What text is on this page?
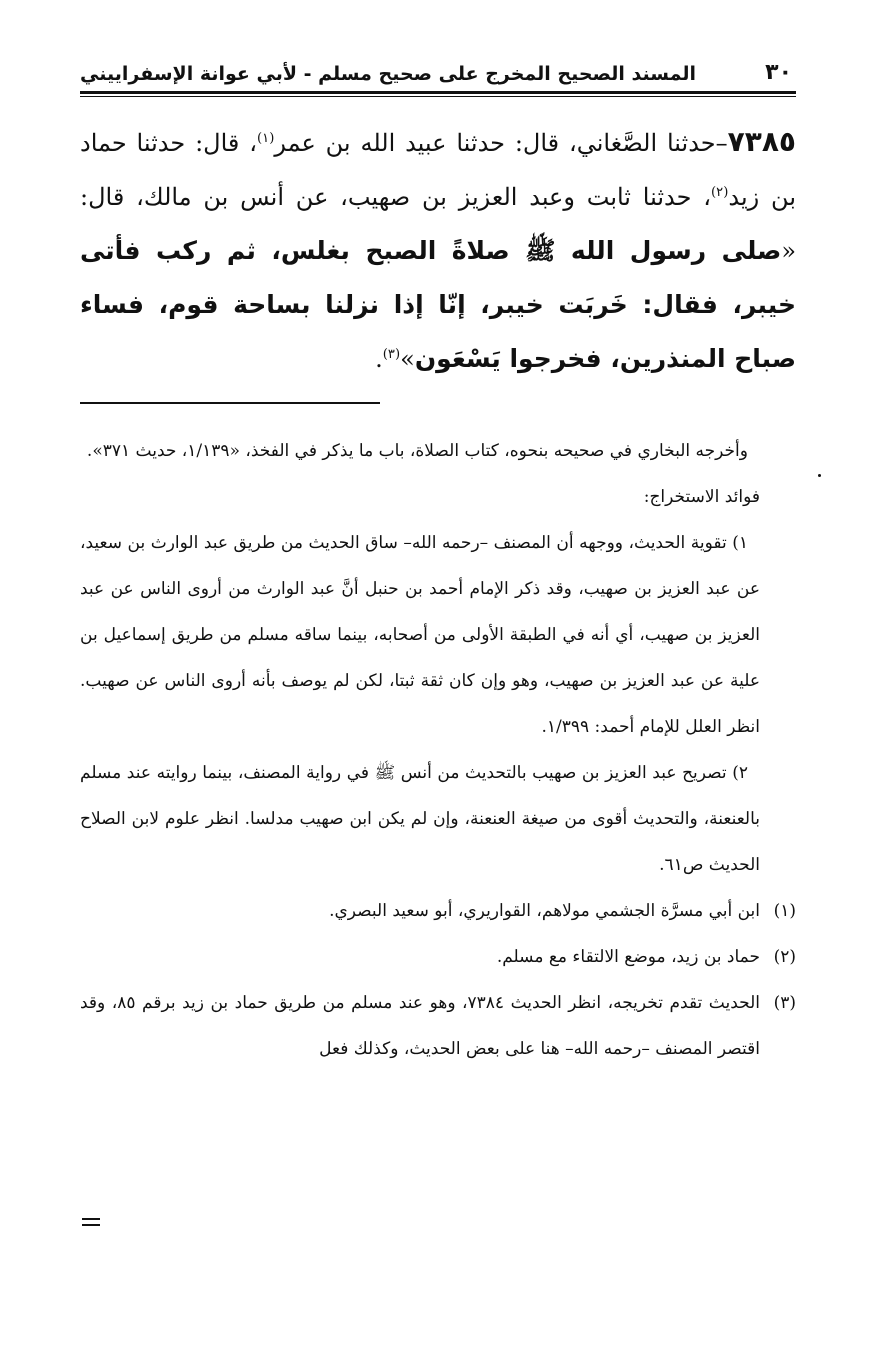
٣٠
المسند الصحيح المخرج على صحيح مسلم - لأبي عوانة الإسفراييني
٧٣٨٥–حدثنا الصَّغاني، قال: حدثنا عبيد الله بن عمر$^{(١)}$، قال: حدثنا حماد بن زيد$^{(٢)}$، حدثنا ثابت وعبد العزيز بن صهيب، عن أنس بن مالك، قال: «صلى رسول الله ﷺ صلاةً الصبح بغلس، ثم ركب فأتى خيبر، فقال: خَربَت خيبر، إنّا إذا نزلنا بساحة قوم، فساء صباح المنذرين، فخرجوا يَسْعَون»$^{(٣)}$.

وأخرجه البخاري في صحيحه بنحوه، كتاب الصلاة، باب ما يذكر في الفخذ، «١/١٣٩، حديث ٣٧١».

فوائد الاستخراج:

١) تقوية الحديث، ووجهه أن المصنف –رحمه الله– ساق الحديث من طريق عبد الوارث بن سعيد، عن عبد العزيز بن صهيب، وقد ذكر الإمام أحمد بن حنبل أنَّ عبد الوارث من أروى الناس عن عبد العزيز بن صهيب، أي أنه في الطبقة الأولى من أصحابه، بينما ساقه مسلم من طريق إسماعيل بن علية عن عبد العزيز بن صهيب، وهو وإن كان ثقة ثبتا، لكن لم يوصف بأنه أروى الناس عن صهيب. انظر العلل للإمام أحمد: ١/٣٩٩.

٢) تصريح عبد العزيز بن صهيب بالتحديث من أنس ﷺ في رواية المصنف، بينما روايته عند مسلم بالعنعنة، والتحديث أقوى من صيغة العنعنة، وإن لم يكن ابن صهيب مدلسا. انظر علوم لابن الصلاح الحديث ص٦١.

(١)
ابن أبي مسرَّة الجشمي مولاهم، القواريري، أبو سعيد البصري.
(٢)
حماد بن زيد، موضع الالتقاء مع مسلم.
(٣)
الحديث تقدم تخريجه، انظر الحديث ٧٣٨٤، وهو عند مسلم من طريق حماد بن زيد برقم ٨٥، وقد اقتصر المصنف –رحمه الله– هنا على بعض الحديث، وكذلك فعل
